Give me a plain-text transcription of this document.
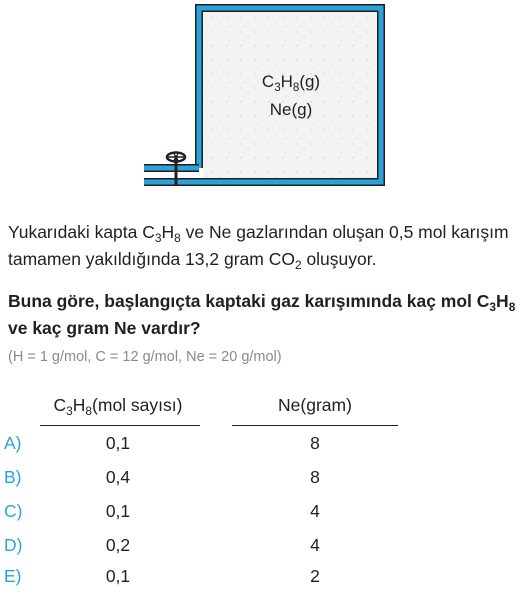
$C_3H_8(g)$
Ne(g)
Yukarıdaki kapta $C_3H_8$ ve Ne gazlarından oluşan 0,5 mol karışım tamamen yakıldığında 13,2 gram $CO_2$ oluşuyor.
Buna göre, başlangıçta kaptaki gaz karışımında kaç mol $C_3H_8$ ve kaç gram Ne vardır?
(H = 1 g/mol, C = 12 g/mol, Ne = 20 g/mol)
$C_3H_8(mol$ sayısı)	Ne(gram)
A)	0,1	8
B)	0,4	8
C)	0,1	4
D)	0,2	4
E)	0,1	2
